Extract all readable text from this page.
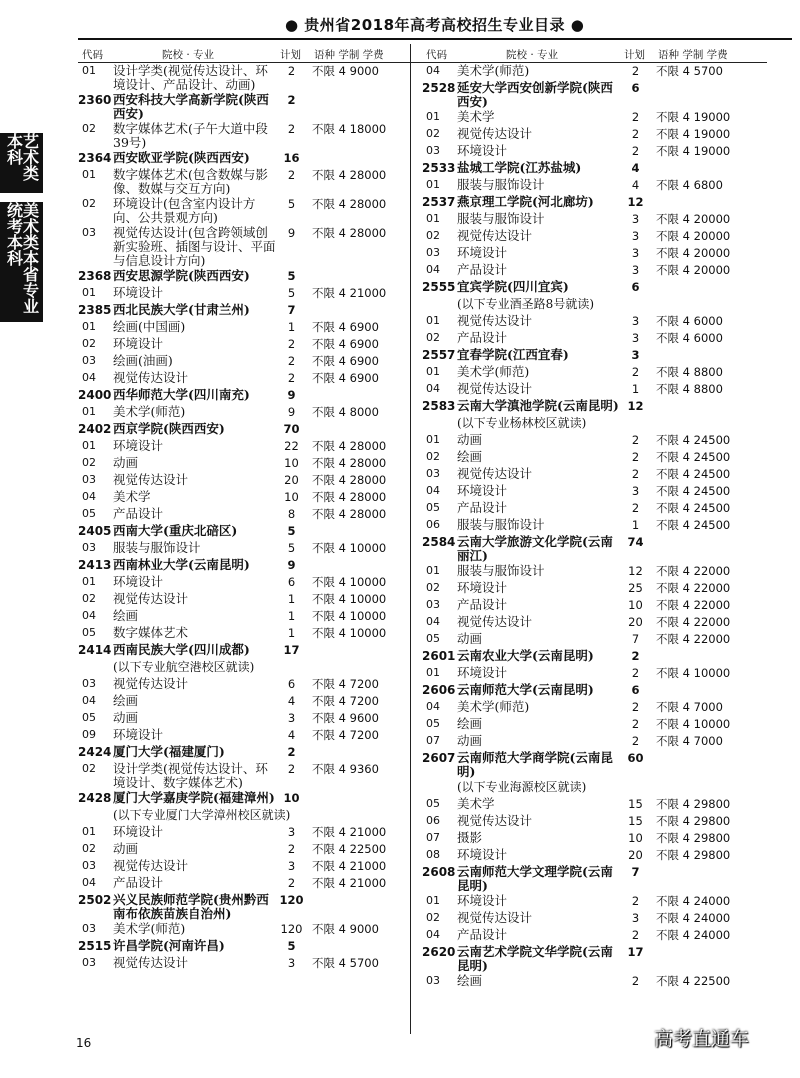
● 贵州省2018年高考高校招生专业目录 ●
艺术类本科
美术类本省专业统考本科
代码	院校 · 专业	计划 语种 学制 学费
01 设计学类(视觉传达设计、环境设计、产品设计、动画)
2	不限 4 9000
2360 西安科技大学高新学院(陕西西安)
2
02 数字媒体艺术(子午大道中段39号)
2	不限 4 18000
2364 西安欧亚学院(陕西西安)	16
01 数字媒体艺术(包含数媒与影像、数媒与交互方向)
2	不限 4 28000
02 环境设计(包含室内设计方向、公共景观方向)
5	不限 4 28000
03 视觉传达设计(包含跨领域创新实验班、插图与设计、平面与信息设计方向)
9	不限 4 28000
2368 西安思源学院(陕西西安)	5
01 环境设计	5	不限 4 21000
2385 西北民族大学(甘肃兰州)	7
01 绘画(中国画)	1	不限 4 6900
02 环境设计	2	不限 4 6900
03 绘画(油画)	2	不限 4 6900
04 视觉传达设计	2	不限 4 6900
2400 西华师范大学(四川南充)	9
01 美术学(师范)	9	不限 4 8000
2402 西京学院(陕西西安)	70
01 环境设计	22	不限 4 28000
02 动画	10	不限 4 28000
03 视觉传达设计	20	不限 4 28000
04 美术学	10	不限 4 28000
05 产品设计	8	不限 4 28000
2405 西南大学(重庆北碚区)	5
03 服装与服饰设计	5	不限 4 10000
2413 西南林业大学(云南昆明)	9
01 环境设计	6	不限 4 10000
02 视觉传达设计	1	不限 4 10000
04 绘画	1	不限 4 10000
05 数字媒体艺术	1	不限 4 10000
2414 西南民族大学(四川成都)	17
(以下专业航空港校区就读)
03 视觉传达设计	6	不限 4 7200
04 绘画	4	不限 4 7200
05 动画	3	不限 4 9600
09 环境设计	4	不限 4 7200
2424 厦门大学(福建厦门)	2
02 设计学类(视觉传达设计、环境设计、数字媒体艺术)
2	不限 4 9360
2428 厦门大学嘉庚学院(福建漳州) 10
(以下专业厦门大学漳州校区就读)
01 环境设计	3	不限 4 21000
02 动画	2	不限 4 22500
03 视觉传达设计	3	不限 4 21000
04 产品设计	2	不限 4 21000
2502 兴义民族师范学院(贵州黔西南布依族苗族自治州)
120
03 美术学(师范)	120 不限 4 9000
2515 许昌学院(河南许昌)	5
03 视觉传达设计	3	不限 4 5700
代码	院校 · 专业	计划 语种 学制 学费
04 美术学(师范)	2	不限 4 5700
2528 延安大学西安创新学院(陕西西安)
6
01 美术学	2	不限 4 19000
02 视觉传达设计	2	不限 4 19000
03 环境设计	2	不限 4 19000
2533 盐城工学院(江苏盐城)	4
01 服装与服饰设计	4	不限 4 6800
2537 燕京理工学院(河北廊坊)	12
01 服装与服饰设计	3	不限 4 20000
02 视觉传达设计	3	不限 4 20000
03 环境设计	3	不限 4 20000
04 产品设计	3	不限 4 20000
2555 宜宾学院(四川宜宾)	6
(以下专业酒圣路8号就读)
01 视觉传达设计	3	不限 4 6000
02 产品设计	3	不限 4 6000
2557 宜春学院(江西宜春)	3
01 美术学(师范)	2	不限 4 8800
04 视觉传达设计	1	不限 4 8800
2583 云南大学滇池学院(云南昆明) 12
(以下专业杨林校区就读)
01 动画	2	不限 4 24500
02 绘画	2	不限 4 24500
03 视觉传达设计	2	不限 4 24500
04 环境设计	3	不限 4 24500
05 产品设计	2	不限 4 24500
06 服装与服饰设计	1	不限 4 24500
2584 云南大学旅游文化学院(云南丽江)
74
01 服装与服饰设计	12	不限 4 22000
02 环境设计	25	不限 4 22000
03 产品设计	10	不限 4 22000
04 视觉传达设计	20	不限 4 22000
05 动画	7	不限 4 22000
2601 云南农业大学(云南昆明)	2
01 环境设计	2	不限 4 10000
2606 云南师范大学(云南昆明)	6
04 美术学(师范)	2	不限 4 7000
05 绘画	2	不限 4 10000
07 动画	2	不限 4 7000
2607 云南师范大学商学院(云南昆明)
60
(以下专业海源校区就读)
05 美术学	15	不限 4 29800
06 视觉传达设计	15	不限 4 29800
07 摄影	10	不限 4 29800
08 环境设计	20	不限 4 29800
2608 云南师范大学文理学院(云南昆明)
7
01 环境设计	2	不限 4 24000
02 视觉传达设计	3	不限 4 24000
04 产品设计	2	不限 4 24000
2620 云南艺术学院文华学院(云南昆明)
17
03 绘画	2	不限 4 22500
16	高考直通车
